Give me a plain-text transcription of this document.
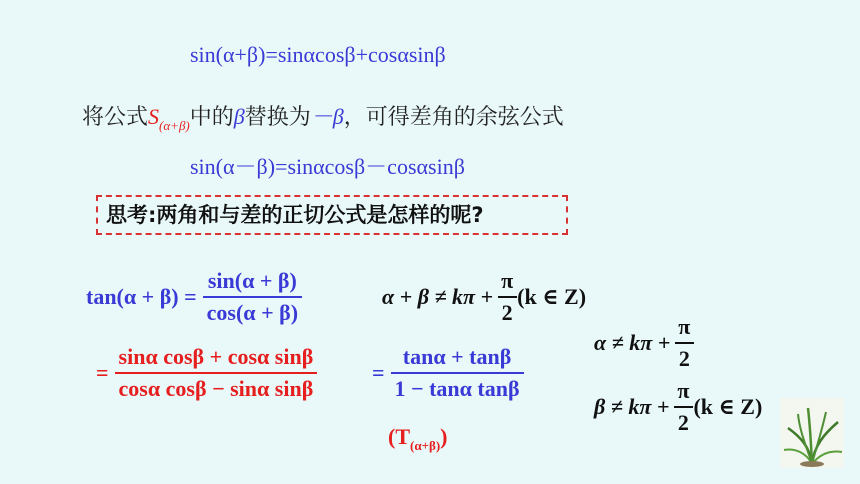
sin(α+β)=sinαcosβ+cosαsinβ
将公式$S_{(\alpha+\beta)}$中的β替换为－β，可得差角的余弦公式
sin(α－β)=sinαcosβ－cosαsinβ
思考:两角和与差的正切公式是怎样的呢?
$\tan(\alpha + \beta) = \frac{\sin(\alpha + \beta)}{\cos(\alpha + \beta)}$	$\alpha + \beta \ne k\pi + \frac{\pi}{2} (k$ ∈ Z)
= $\frac{\text{sinα cosβ + cosα sinβ}}{\text{cosα cosβ − sinα sinβ}} = \frac{\tan\alpha + \tan\beta}{\text{1 − tanα tanβ}}$
$\alpha \ne k\pi + \frac{\pi}{2}$
$\beta \ne k\pi + \frac{\pi}{2} (k$ ∈ Z)
$(T_{(\alpha+\beta)})$
